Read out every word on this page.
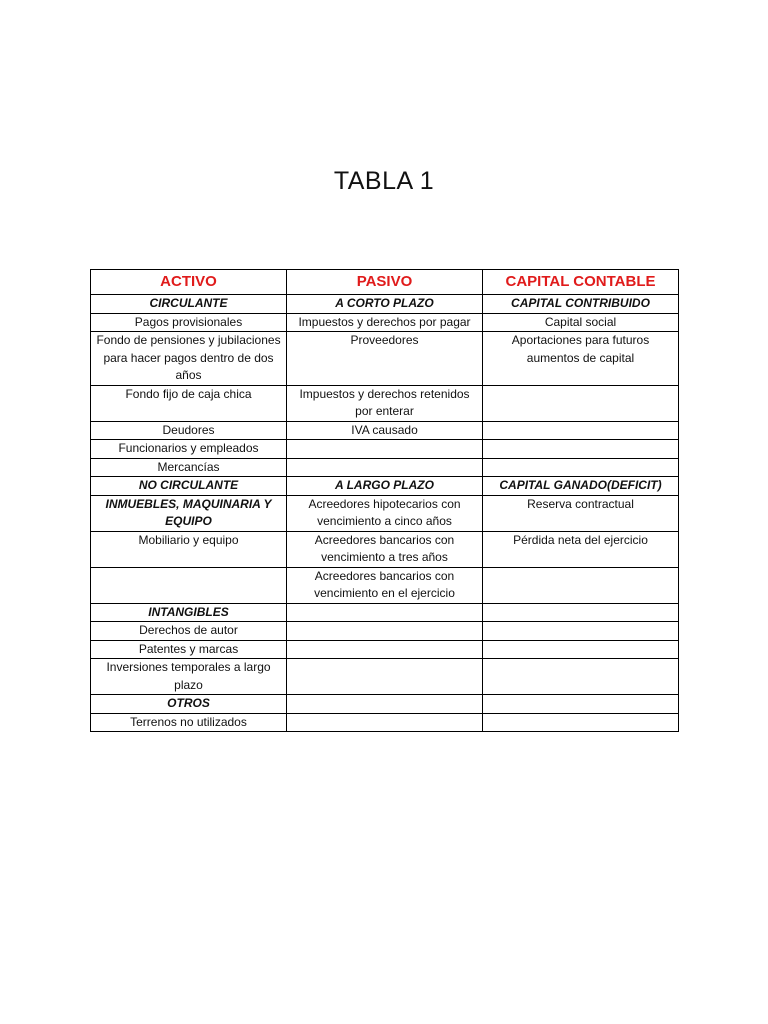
TABLA 1
ACTIVO	PASIVO	CAPITAL CONTABLE
CIRCULANTE	A CORTO PLAZO	CAPITAL CONTRIBUIDO
Pagos provisionales	Impuestos y derechos por pagar	Capital social
Fondo de pensiones y jubilaciones para hacer pagos dentro de dos años	Proveedores	Aportaciones para futuros aumentos de capital
Fondo fijo de caja chica	Impuestos y derechos retenidos por enterar	
Deudores	IVA causado	
Funcionarios y empleados		
Mercancías		
NO CIRCULANTE	A LARGO PLAZO	CAPITAL GANADO(DEFICIT)
INMUEBLES, MAQUINARIA Y EQUIPO	Acreedores hipotecarios con vencimiento a cinco años	Reserva contractual
Mobiliario y equipo	Acreedores bancarios con vencimiento a tres años	Pérdida neta del ejercicio
	Acreedores bancarios con vencimiento en el ejercicio	
INTANGIBLES		
Derechos de autor		
Patentes y marcas		
Inversiones temporales a largo plazo		
OTROS		
Terrenos no utilizados		
